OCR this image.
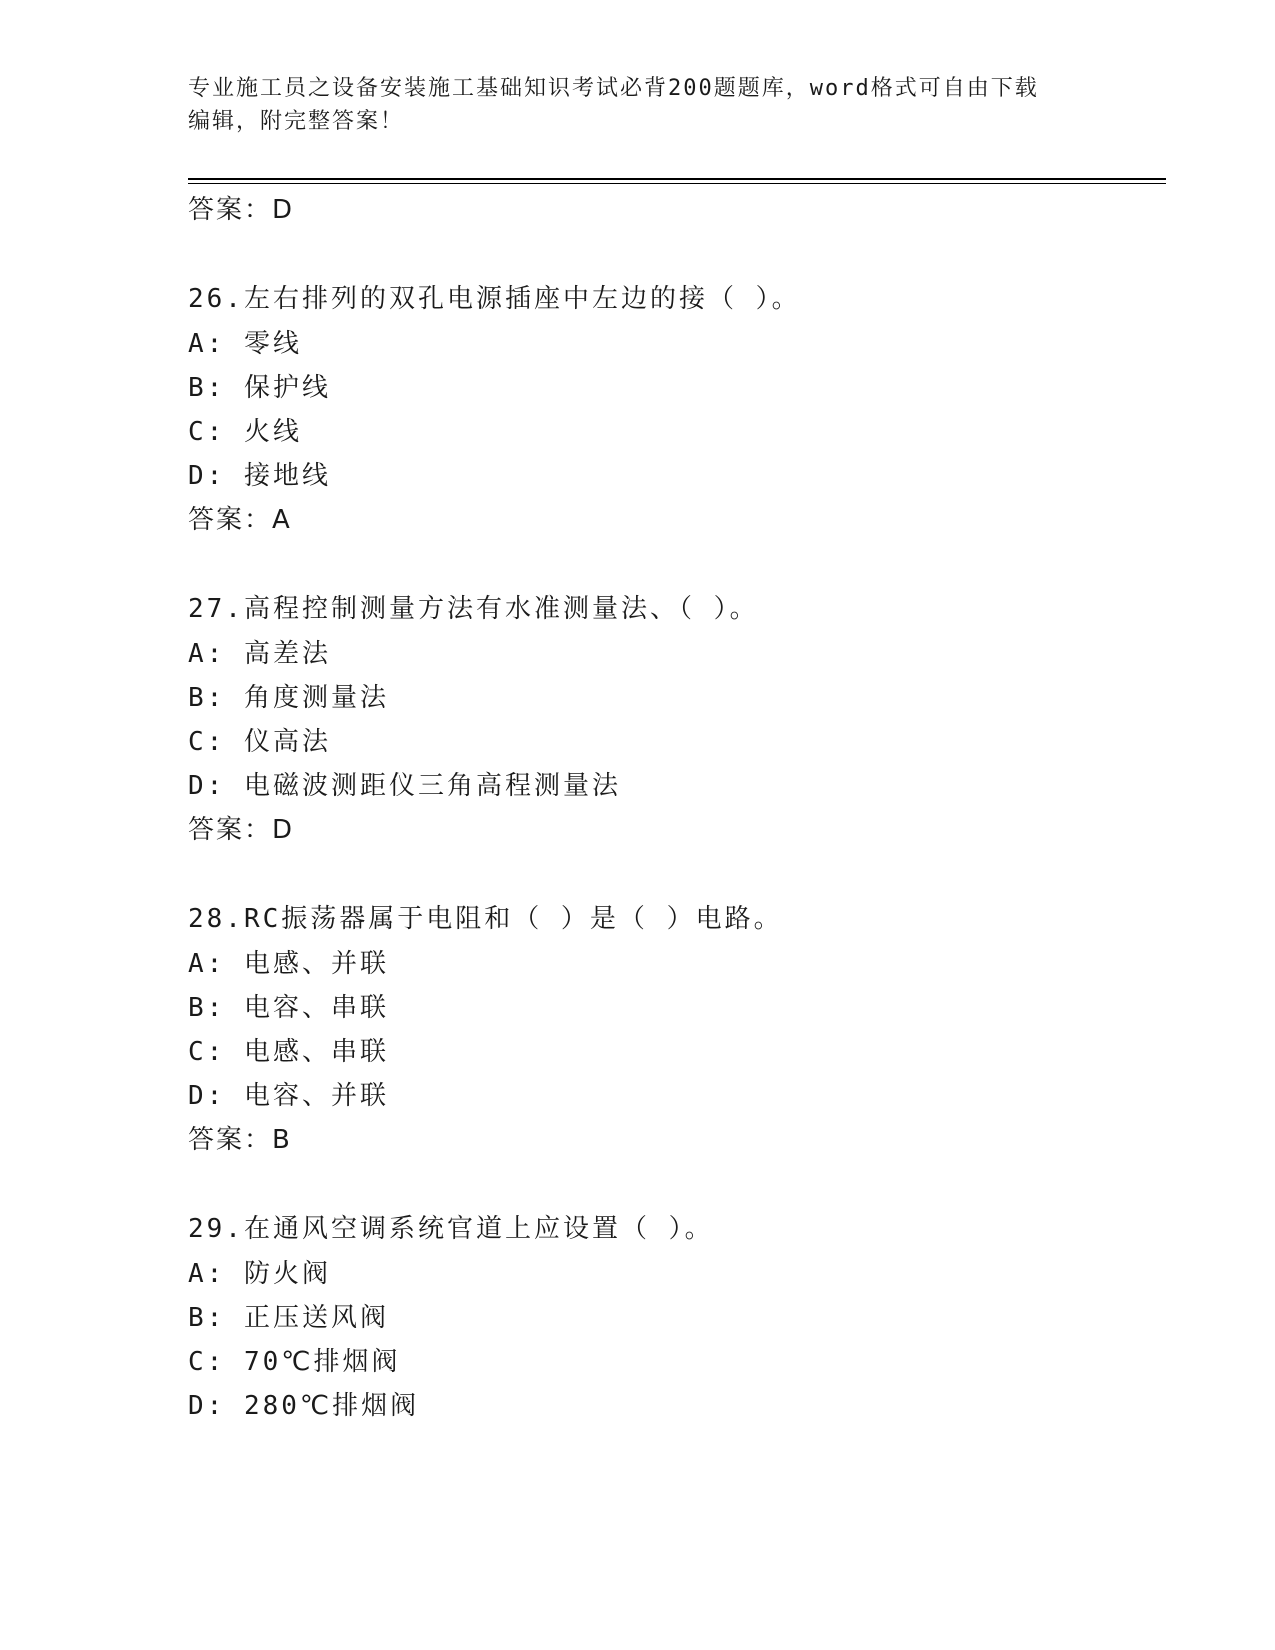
专业施工员之设备安装施工基础知识考试必背200题题库，word格式可自由下载
编辑，附完整答案！
答案：D
26.左右排列的双孔电源插座中左边的接（ ）。
A: 零线
B: 保护线
C: 火线
D: 接地线
答案：A
27.高程控制测量方法有水准测量法、（ ）。
A: 高差法
B: 角度测量法
C: 仪高法
D: 电磁波测距仪三角高程测量法
答案：D
28.RC振荡器属于电阻和（ ）是（ ）电路。
A: 电感、并联
B: 电容、串联
C: 电感、串联
D: 电容、并联
答案：B
29.在通风空调系统官道上应设置（ ）。
A: 防火阀
B: 正压送风阀
C: 70℃排烟阀
D: 280℃排烟阀
